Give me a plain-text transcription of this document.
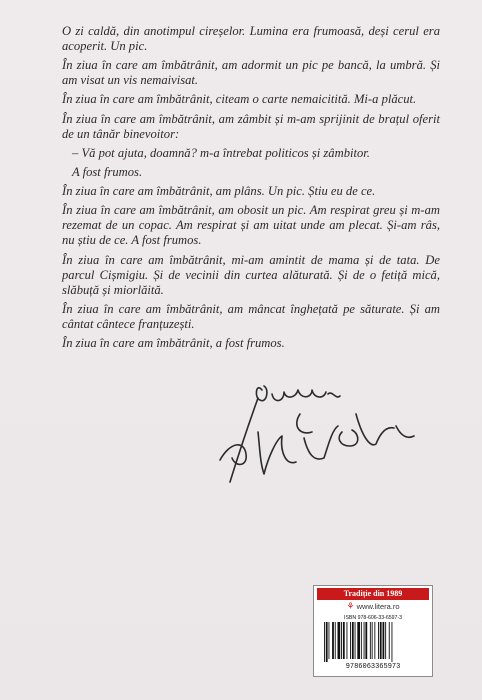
O zi caldă, din anotimpul cireșelor. Lumina era frumoasă, deși cerul era acoperit. Un pic.
În ziua în care am îmbătrânit, am adormit un pic pe bancă, la umbră. Și am visat un vis nemaivisat.
În ziua în care am îmbătrânit, citeam o carte nemaicitită. Mi-a plăcut.
În ziua în care am îmbătrânit, am zâmbit și m-am sprijinit de brațul oferit de un tânăr binevoitor:
– Vă pot ajuta, doamnă? m-a întrebat politicos și zâmbitor.
A fost frumos.
În ziua în care am îmbătrânit, am plâns. Un pic. Știu eu de ce.
În ziua în care am îmbătrânit, am obosit un pic. Am respirat greu și m-am rezemat de un copac. Am respirat și am uitat unde am plecat. Și-am râs, nu știu de ce. A fost frumos.
În ziua în care am îmbătrânit, mi-am amintit de mama și de tata. De parcul Cișmigiu. Și de vecinii din curtea alăturată. Și de o fetiță mică, slăbuță și miorlăită.
În ziua în care am îmbătrânit, am mâncat înghețată pe săturate. Și am cântat cântece franțuzești.
În ziua în care am îmbătrânit, a fost frumos.
Tradiție din 1989
⚘ www.litera.ro
ISBN 978-606-33-6597-3
9786063365973
